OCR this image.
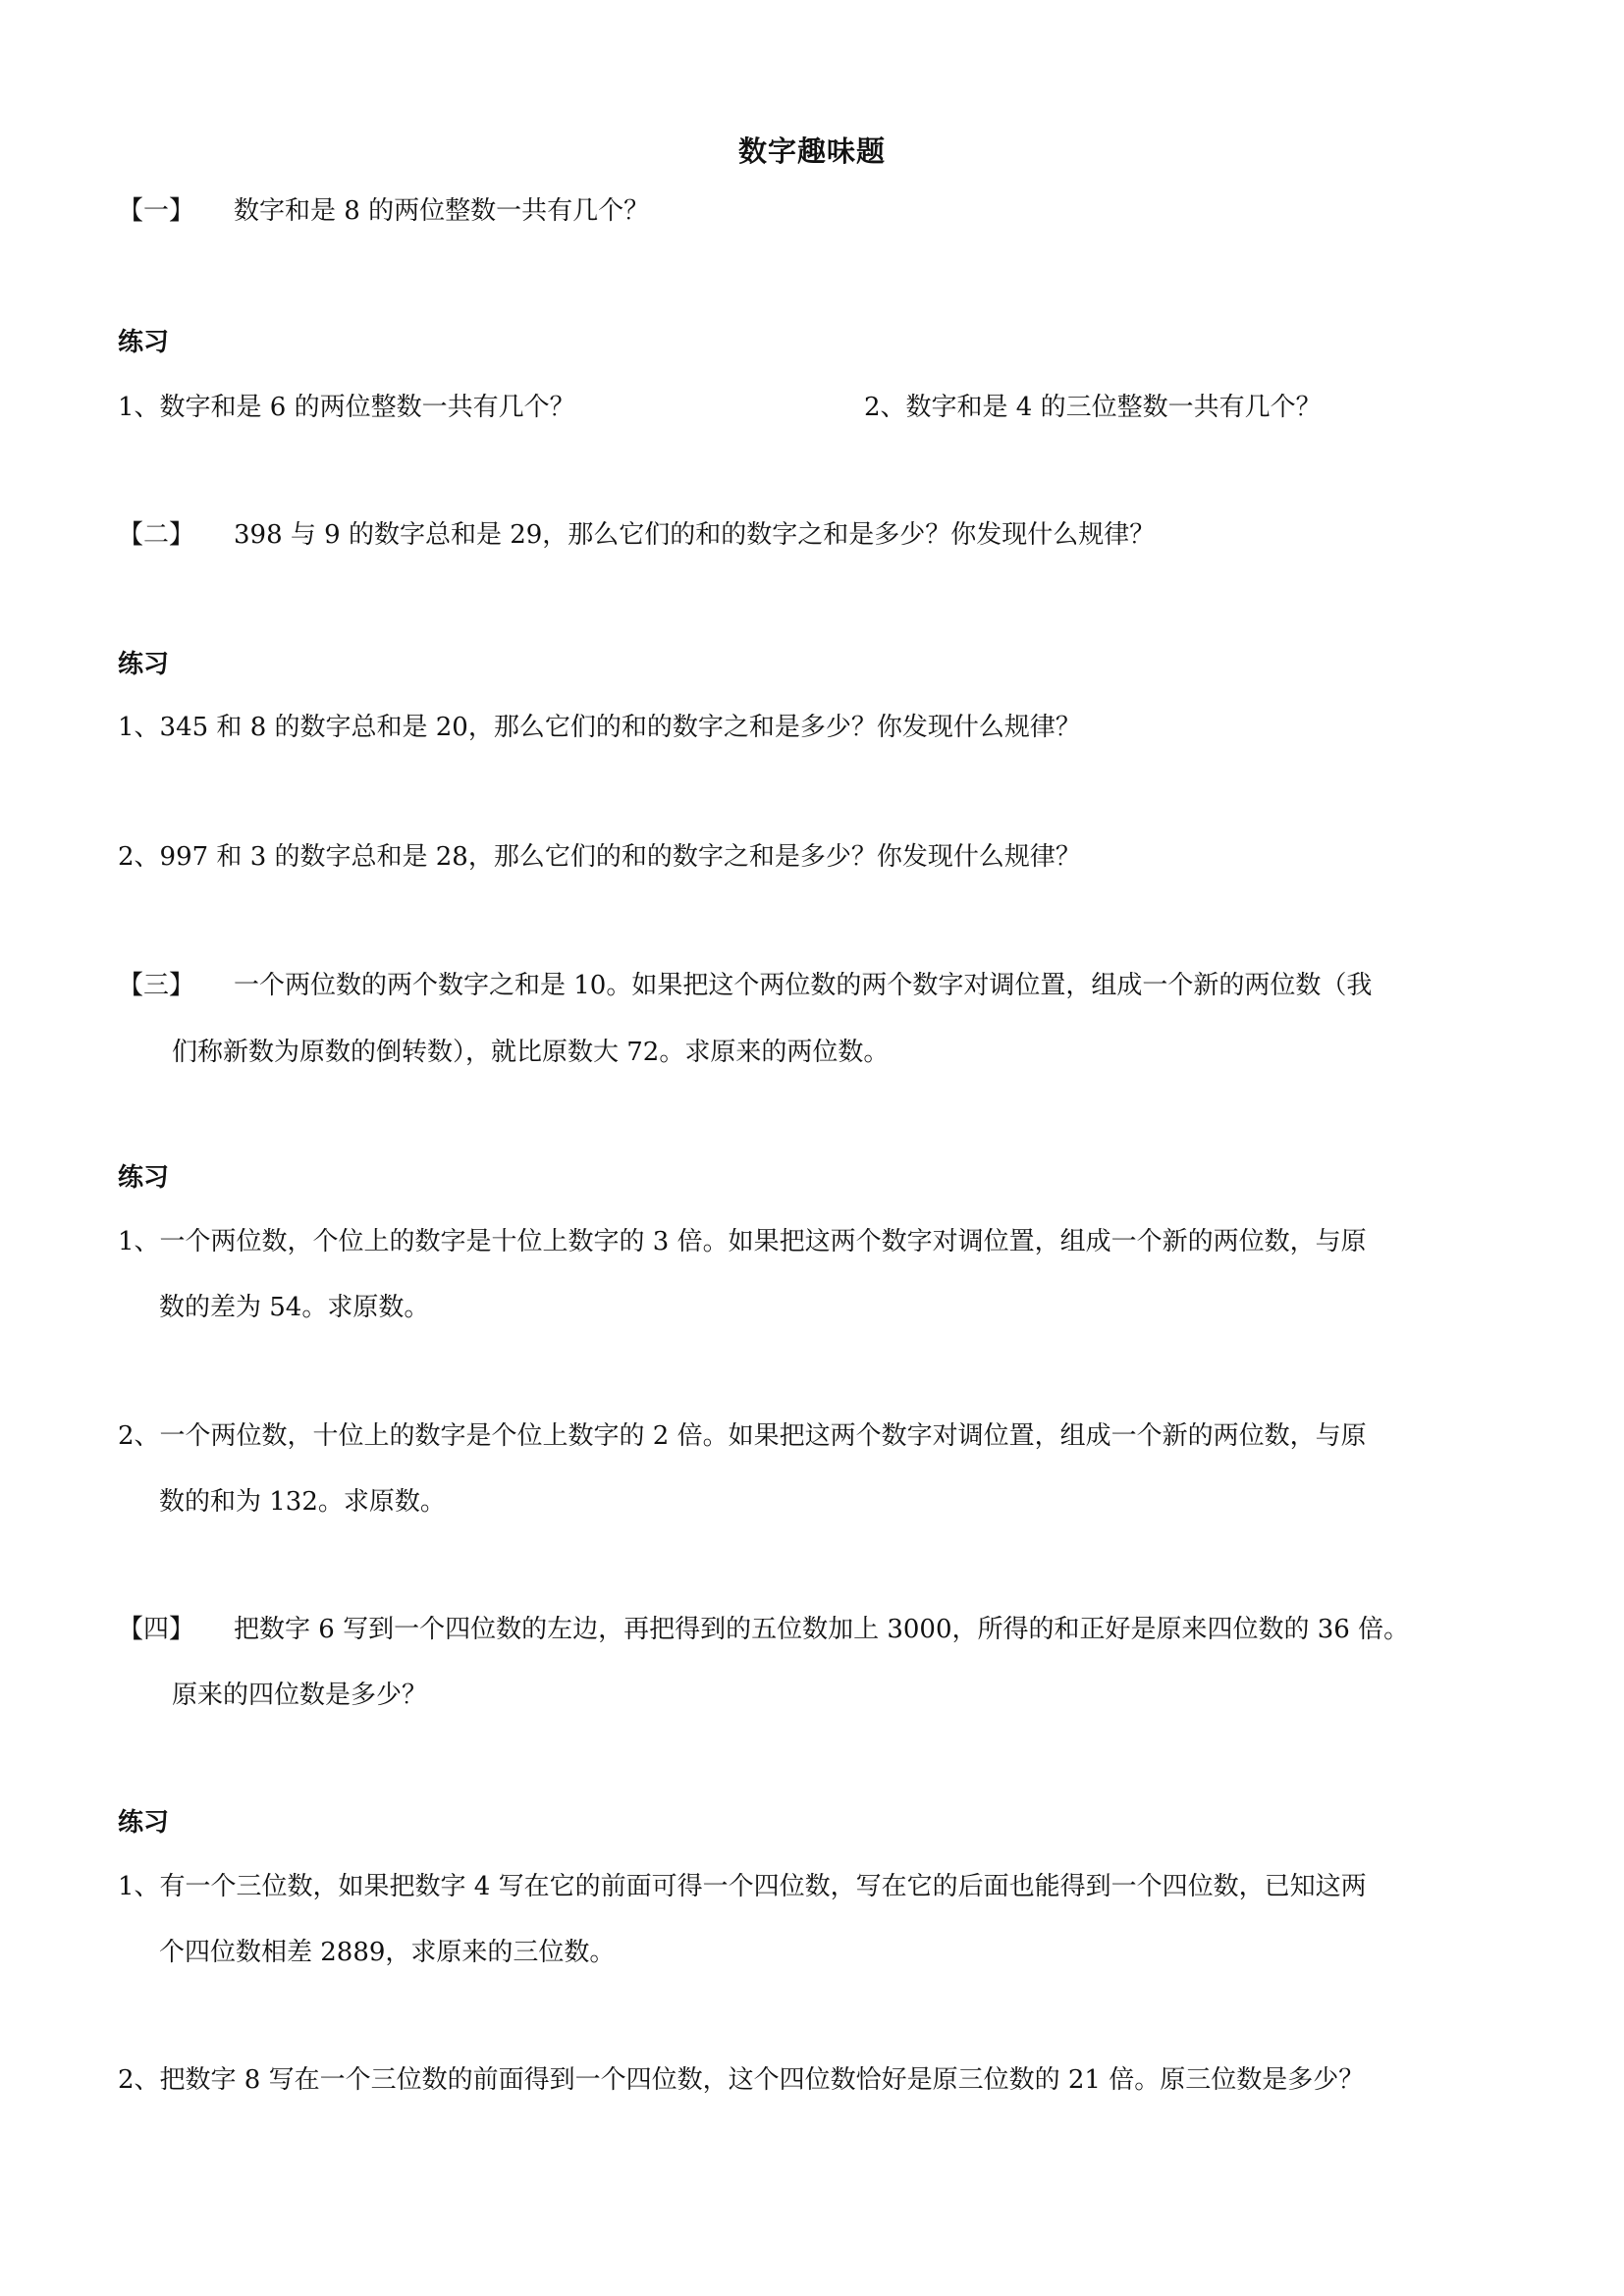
数字趣味题
【一】 数字和是 8 的两位整数一共有几个？
练习
1、数字和是 6 的两位整数一共有几个？	2、数字和是 4 的三位整数一共有几个？
【二】 398 与 9 的数字总和是 29，那么它们的和的数字之和是多少？你发现什么规律？
练习
1、345 和 8 的数字总和是 20，那么它们的和的数字之和是多少？你发现什么规律？
2、997 和 3 的数字总和是 28，那么它们的和的数字之和是多少？你发现什么规律？
【三】 一个两位数的两个数字之和是 10。如果把这个两位数的两个数字对调位置，组成一个新的两位数（我
们称新数为原数的倒转数），就比原数大 72。求原来的两位数。
练习
1、一个两位数，个位上的数字是十位上数字的 3 倍。如果把这两个数字对调位置，组成一个新的两位数，与原
数的差为 54。求原数。
2、一个两位数，十位上的数字是个位上数字的 2 倍。如果把这两个数字对调位置，组成一个新的两位数，与原
数的和为 132。求原数。
【四】 把数字 6 写到一个四位数的左边，再把得到的五位数加上 3000，所得的和正好是原来四位数的 36 倍。
原来的四位数是多少？
练习
1、有一个三位数，如果把数字 4 写在它的前面可得一个四位数，写在它的后面也能得到一个四位数，已知这两
个四位数相差 2889，求原来的三位数。
2、把数字 8 写在一个三位数的前面得到一个四位数，这个四位数恰好是原三位数的 21 倍。原三位数是多少？
